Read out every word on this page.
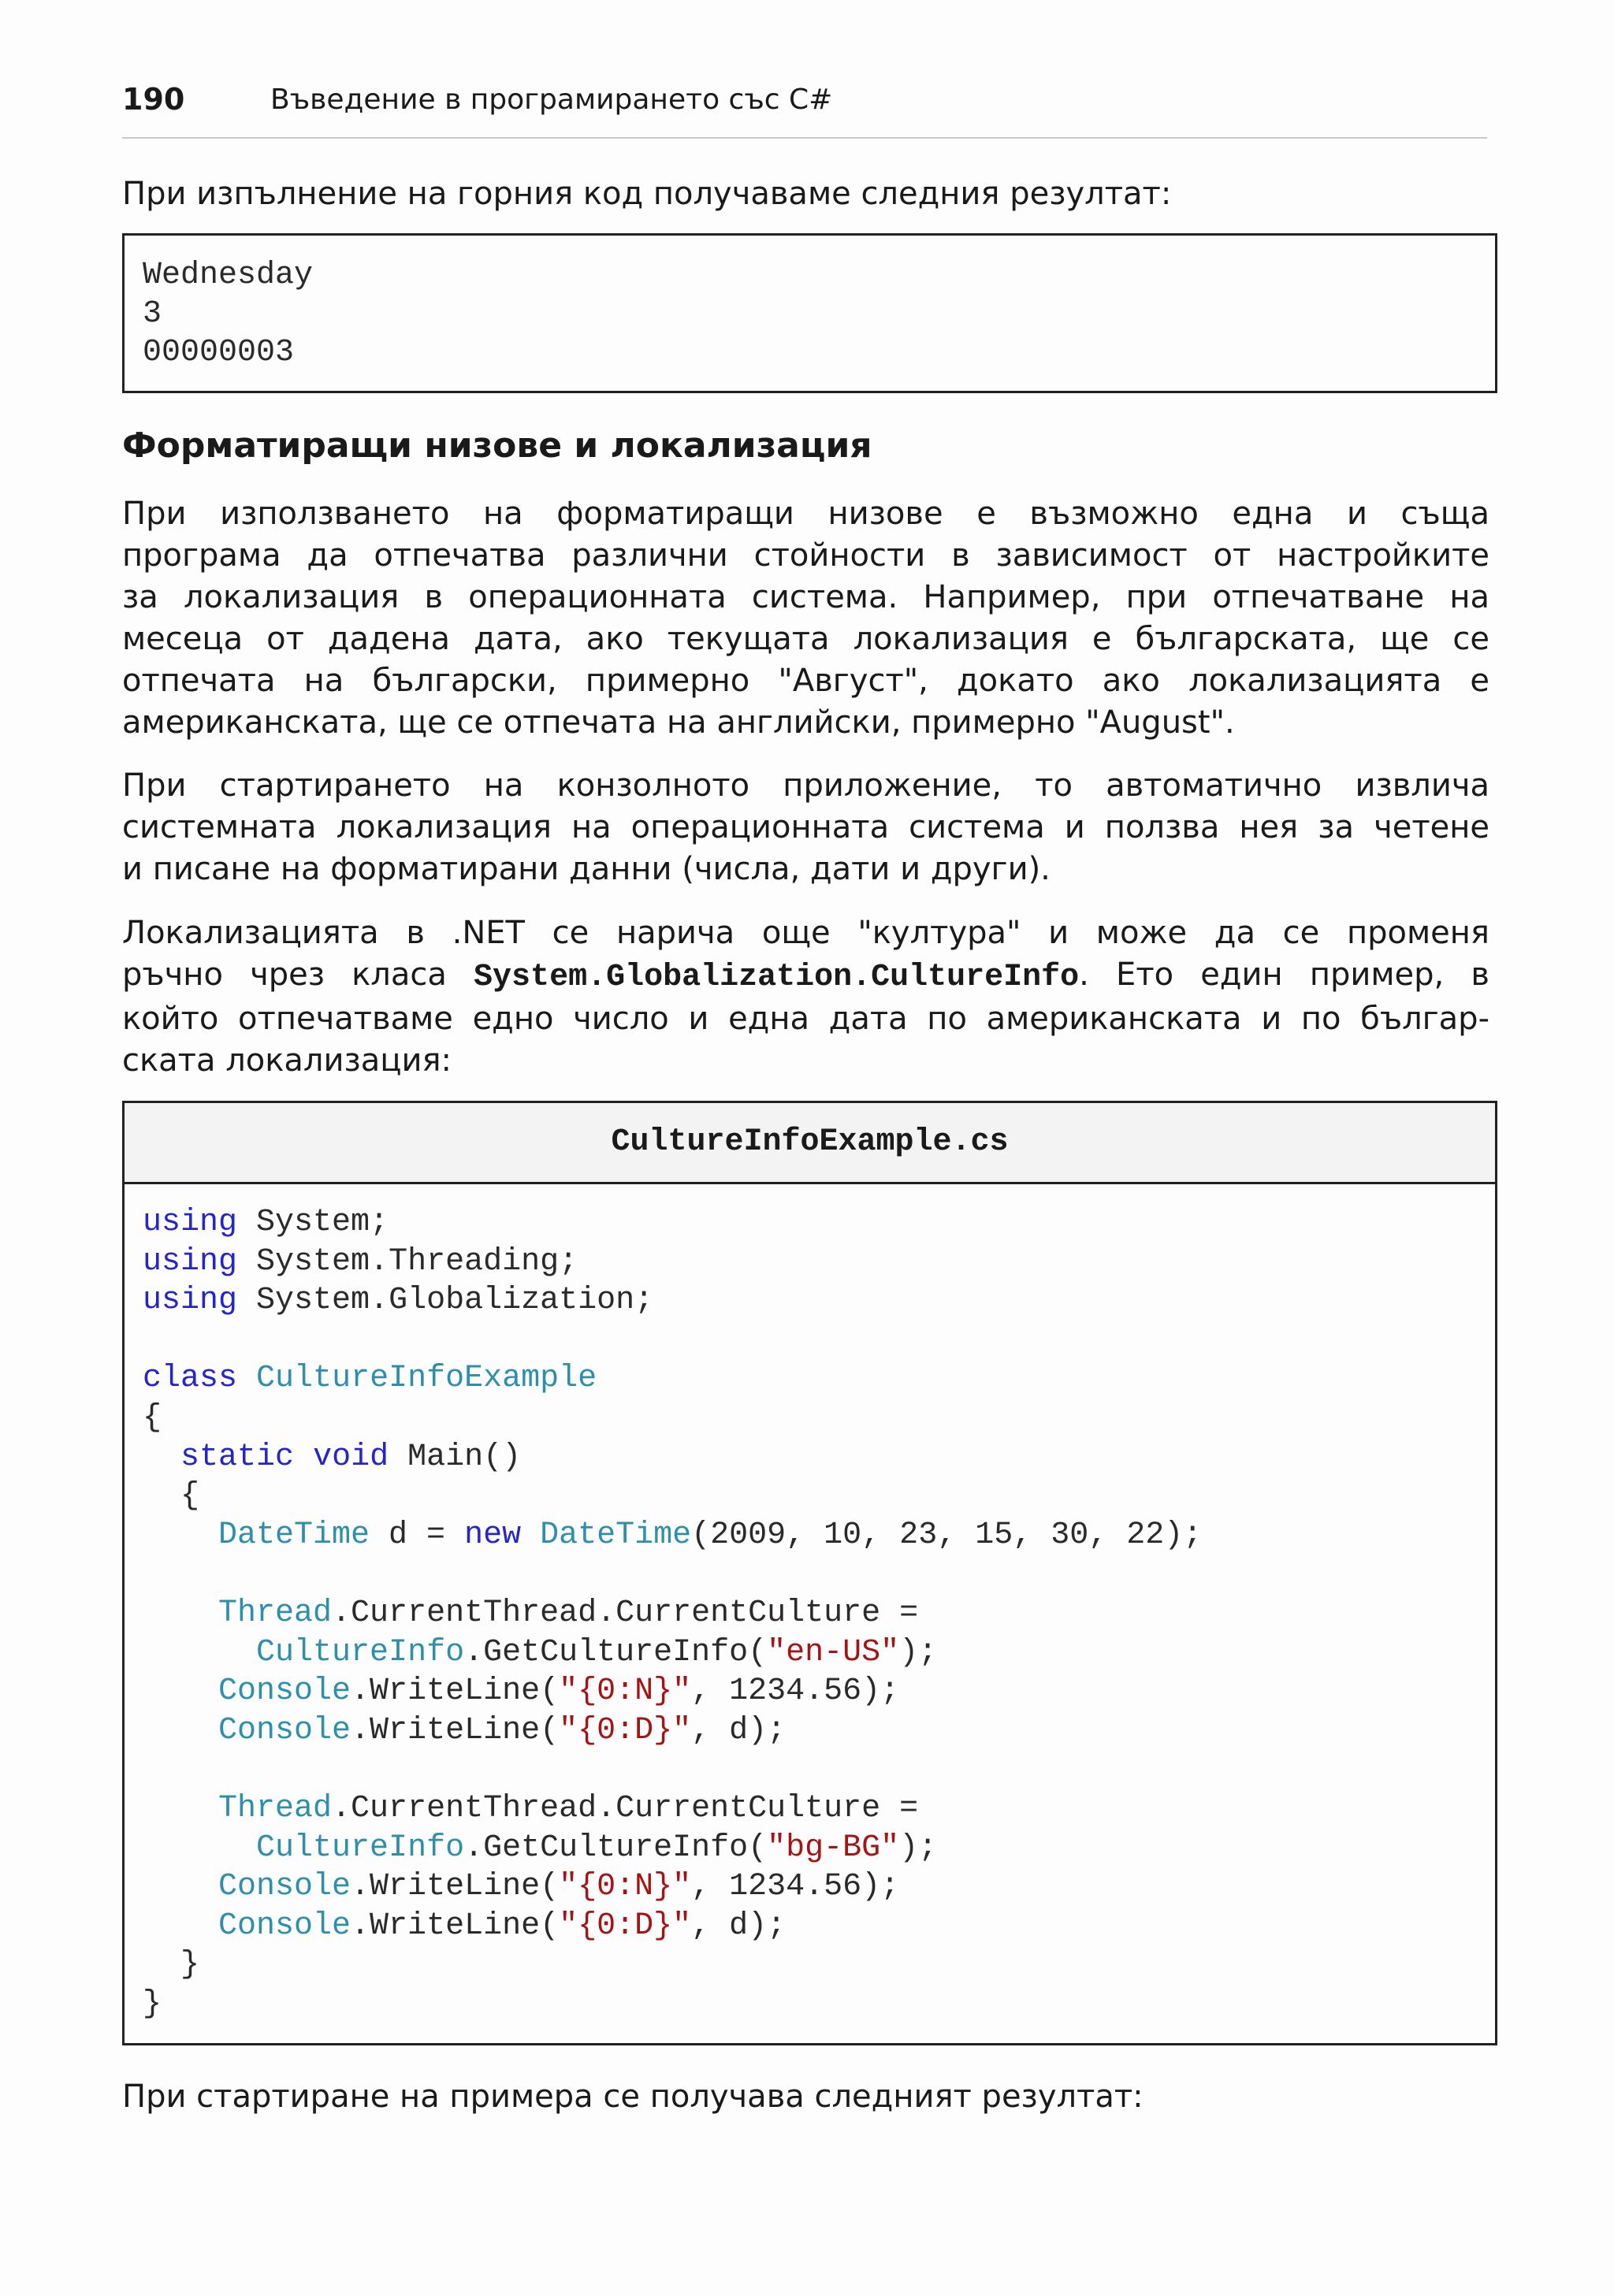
190	Въведение в програмирането със C#

При изпълнение на горния код получаваме следния резултат:

Wednesday
3
00000003
Форматиращи низове и локализация
При използването на форматиращи низове е възможно една и съща
програма да отпечатва различни стойности в зависимост от настройките
за локализация в операционната система. Например, при отпечатване на
месеца от дадена дата, ако текущата локализация е българската, ще се
отпечата на български, примерно "Август", докато ако локализацията е
американската, ще се отпечата на английски, примерно "August".
При стартирането на конзолното приложение, то автоматично извлича
системната локализация на операционната система и ползва нея за четене
и писане на форматирани данни (числа, дати и други).
Локализацията в .NET се нарича още "култура" и може да се променя
ръчно чрез класа System.Globalization.CultureInfo. Ето един пример, в
който отпечатваме едно число и една дата по американската и по българ-
ската локализация:
CultureInfoExample.cs
using System;
using System.Threading;
using System.Globalization;
class CultureInfoExample
{
static void Main()
{
DateTime d = new DateTime(2009, 10, 23, 15, 30, 22);
Thread.CurrentThread.CurrentCulture =
CultureInfo.GetCultureInfo("en-US");
Console.WriteLine("{0:N}", 1234.56);
Console.WriteLine("{0:D}", d);
Thread.CurrentThread.CurrentCulture =
CultureInfo.GetCultureInfo("bg-BG");
Console.WriteLine("{0:N}", 1234.56);
Console.WriteLine("{0:D}", d);
}
}

При стартиране на примера се получава следният резултат:
